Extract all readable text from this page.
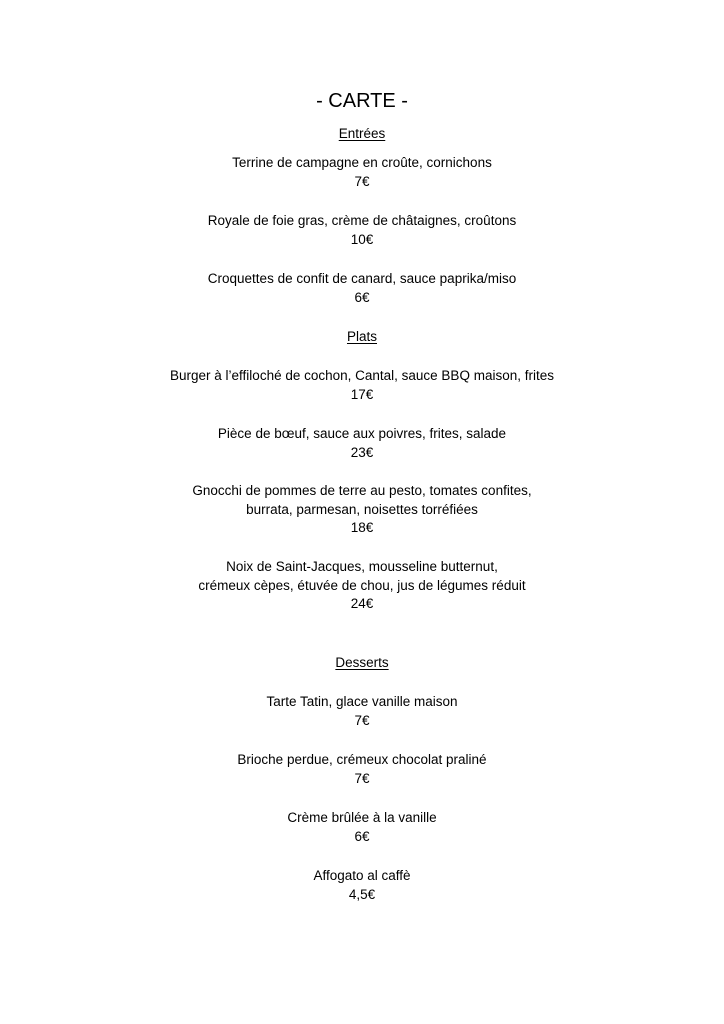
- CARTE -
Entrées
Terrine de campagne en croûte, cornichons
7€
Royale de foie gras, crème de châtaignes, croûtons
10€
Croquettes de confit de canard, sauce paprika/miso
6€
Plats
Burger à l’effiloché de cochon, Cantal, sauce BBQ maison, frites
17€
Pièce de bœuf, sauce aux poivres, frites, salade
23€
Gnocchi de pommes de terre au pesto, tomates confites,
burrata, parmesan, noisettes torréfiées
18€
Noix de Saint-Jacques, mousseline butternut,
crémeux cèpes, étuvée de chou, jus de légumes réduit
24€
Desserts
Tarte Tatin, glace vanille maison
7€
Brioche perdue, crémeux chocolat praliné
7€
Crème brûlée à la vanille
6€
Affogato al caffè
4,5€
